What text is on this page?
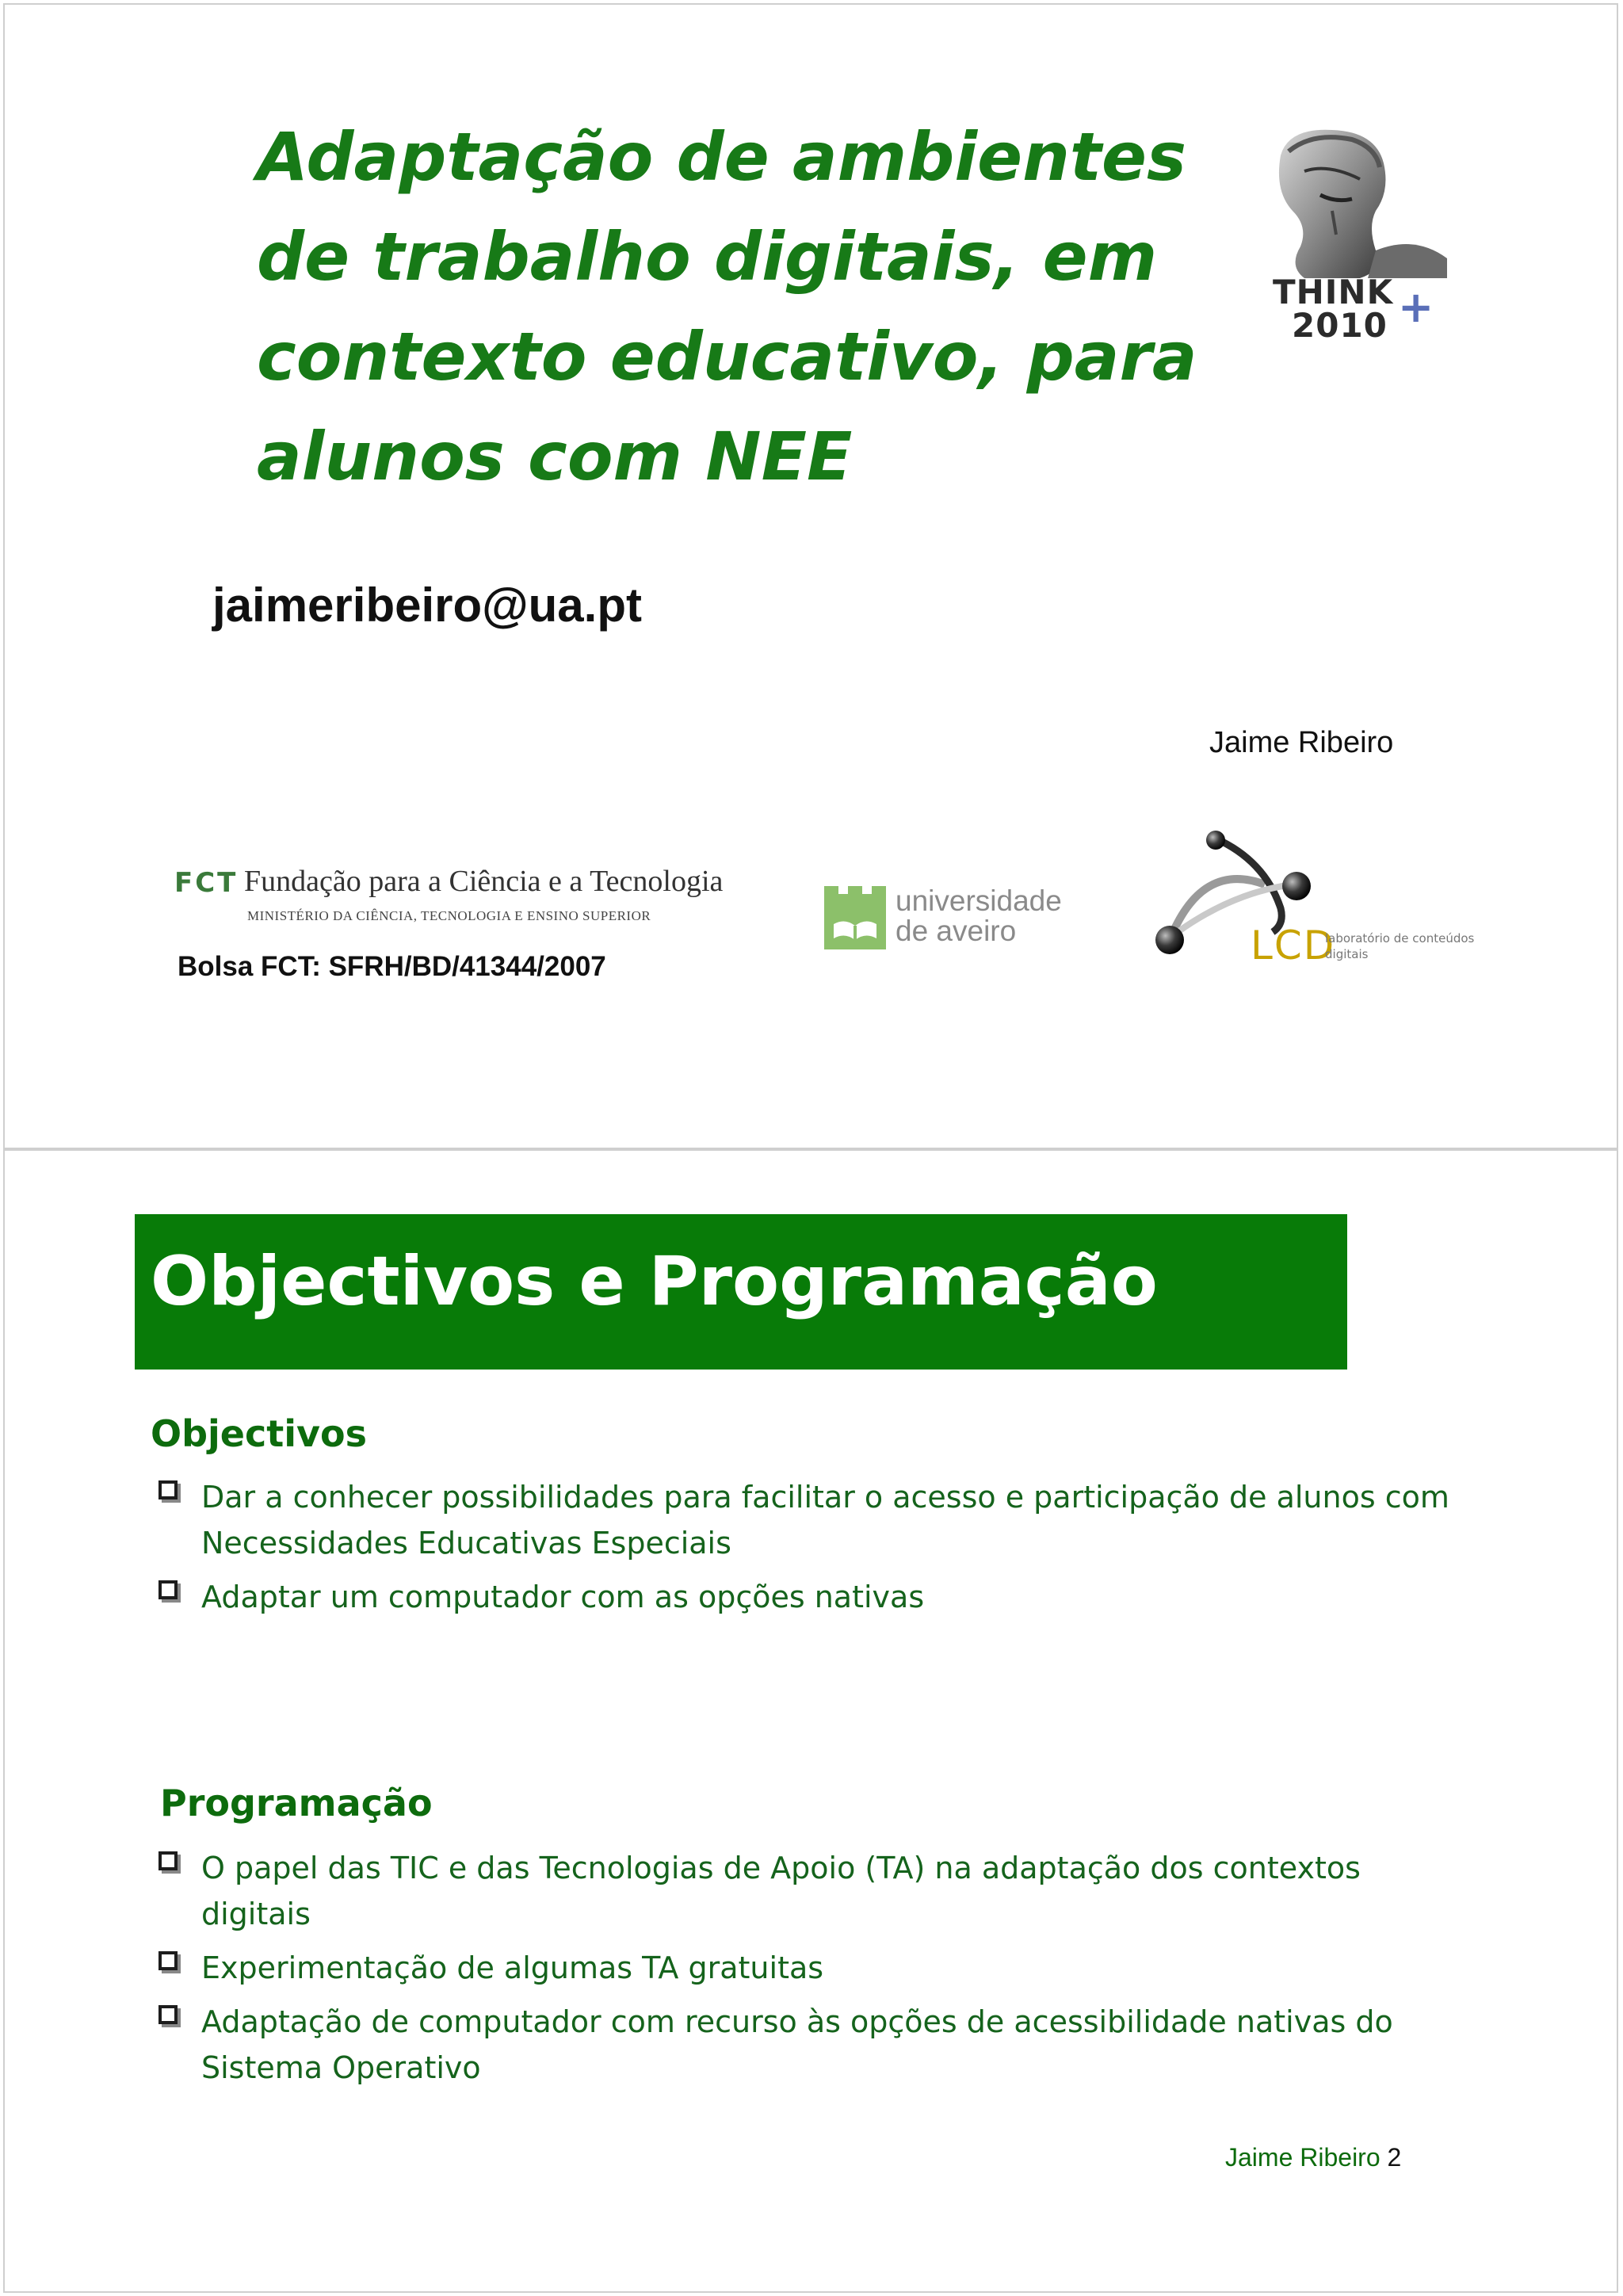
Adaptação de ambientes
de trabalho digitais, em
contexto educativo, para
alunos com NEE
THINK
2010 +

jaimeribeiro@ua.pt

Jaime Ribeiro

FCT Fundação para a Ciência e a Tecnologia
MINISTÉRIO DA CIÊNCIA, TECNOLOGIA E ENSINO SUPERIOR

Bolsa FCT: SFRH/BD/41344/2007

universidade
de aveiro	LCD
laboratório de conteúdos
digitais
Objectivos e Programação
Objectivos
Dar a conhecer possibilidades para facilitar o acesso e participação de alunos com Necessidades Educativas Especiais
Adaptar um computador com as opções nativas
Programação
O papel das TIC e das Tecnologias de Apoio (TA) na adaptação dos contextos digitais
Experimentação de algumas TA gratuitas
Adaptação de computador com recurso às opções de acessibilidade nativas do Sistema Operativo

Jaime Ribeiro 2
